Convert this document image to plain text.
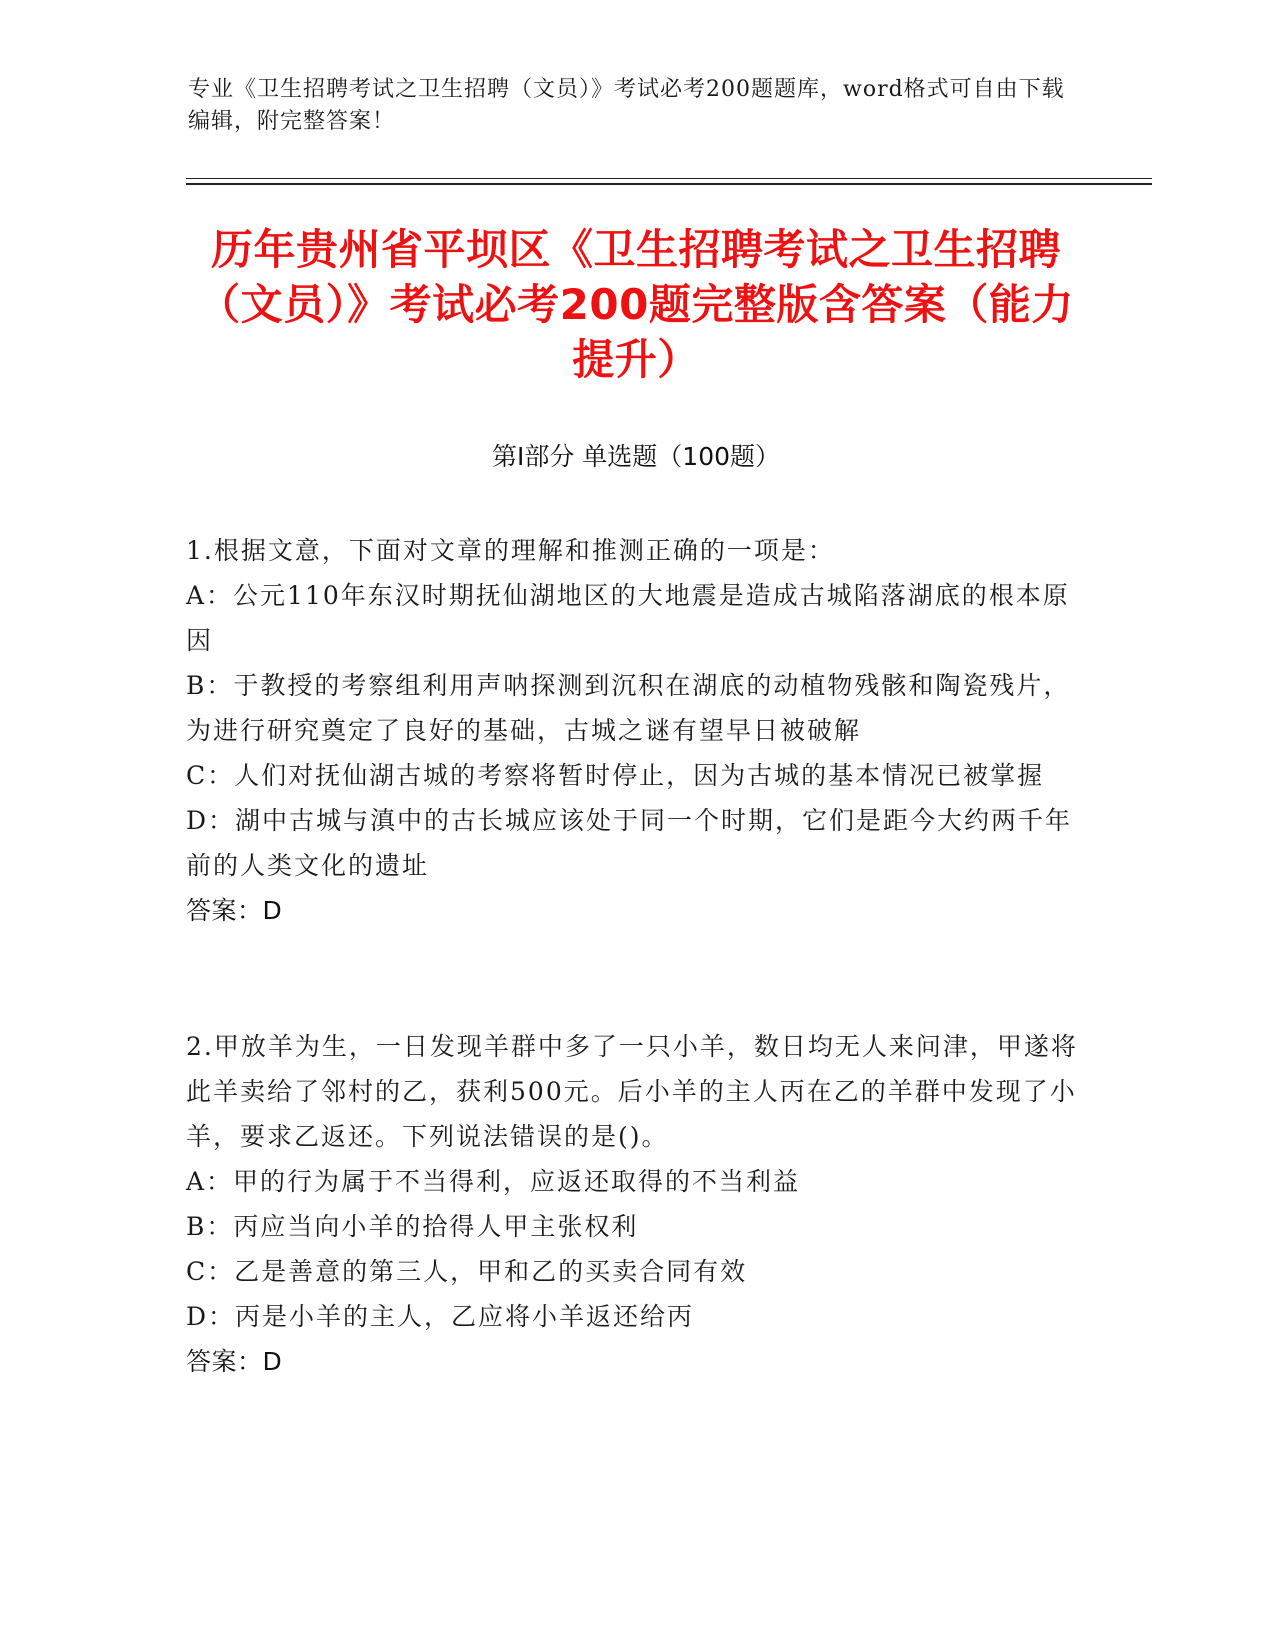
专业《卫生招聘考试之卫生招聘（文员）》考试必考200题题库，word格式可自由下载编辑，附完整答案！
历年贵州省平坝区《卫生招聘考试之卫生招聘（文员）》考试必考200题完整版含答案（能力提升）
第Ⅰ部分 单选题（100题）
1.根据文意，下面对文章的理解和推测正确的一项是：
A：公元110年东汉时期抚仙湖地区的大地震是造成古城陷落湖底的根本原因
B：于教授的考察组利用声呐探测到沉积在湖底的动植物残骸和陶瓷残片，为进行研究奠定了良好的基础，古城之谜有望早日被破解
C：人们对抚仙湖古城的考察将暂时停止，因为古城的基本情况已被掌握
D：湖中古城与滇中的古长城应该处于同一个时期，它们是距今大约两千年前的人类文化的遗址
答案：D
2.甲放羊为生，一日发现羊群中多了一只小羊，数日均无人来问津，甲遂将此羊卖给了邻村的乙，获利500元。后小羊的主人丙在乙的羊群中发现了小羊，要求乙返还。下列说法错误的是()。
A：甲的行为属于不当得利，应返还取得的不当利益
B：丙应当向小羊的拾得人甲主张权利
C：乙是善意的第三人，甲和乙的买卖合同有效
D：丙是小羊的主人，乙应将小羊返还给丙
答案：D
